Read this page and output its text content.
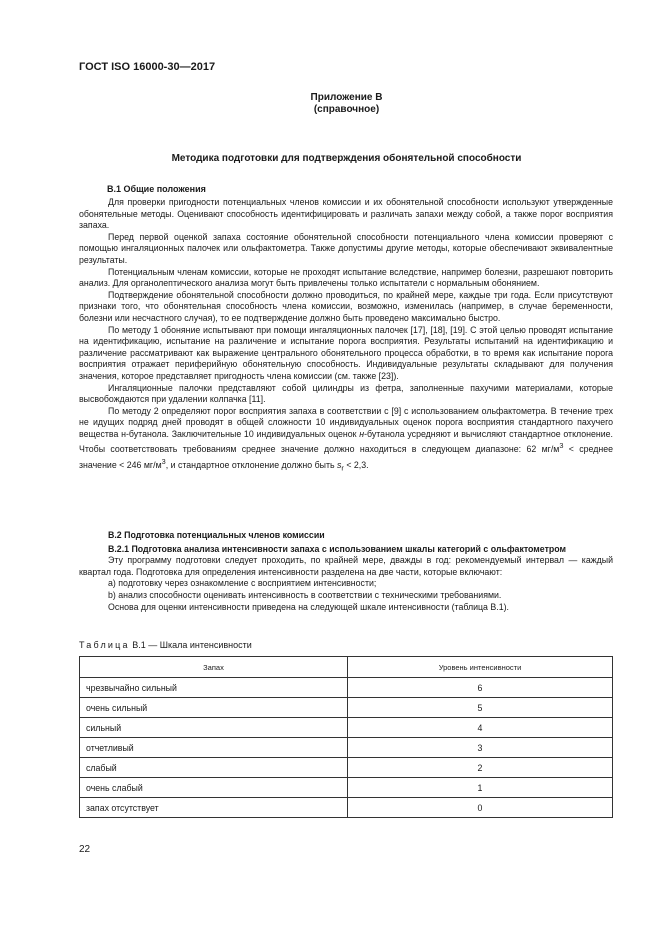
ГОСТ ISO 16000-30—2017
Приложение В
(справочное)
Методика подготовки для подтверждения обонятельной способности
В.1 Общие положения

Для проверки пригодности потенциальных членов комиссии и их обонятельной способности используют утвержденные обонятельные методы. Оценивают способность идентифицировать и различать запахи между собой, а также порог восприятия запаха.

Перед первой оценкой запаха состояние обонятельной способности потенциального члена комиссии проверяют с помощью ингаляционных палочек или ольфактометра. Также допустимы другие методы, которые обеспечивают эквивалентные результаты.

Потенциальным членам комиссии, которые не проходят испытание вследствие, например болезни, разрешают повторить анализ. Для органолептического анализа могут быть привлечены только испытатели с нормальным обонянием.

Подтверждение обонятельной способности должно проводиться, по крайней мере, каждые три года. Если присутствуют признаки того, что обонятельная способность члена комиссии, возможно, изменилась (например, в случае беременности, болезни или несчастного случая), то ее подтверждение должно быть проведено максимально быстро.

По методу 1 обоняние испытывают при помощи ингаляционных палочек [17], [18], [19]. С этой целью проводят испытание на идентификацию, испытание на различение и испытание порога восприятия. Результаты испытаний на идентификацию и различение рассматривают как выражение центрального обонятельного процесса обработки, в то время как испытание порога восприятия отражает периферийную обонятельную способность. Индивидуальные результаты складывают для получения значения, которое представляет пригодность члена комиссии (см. также [23]).

Ингаляционные палочки представляют собой цилиндры из фетра, заполненные пахучими материалами, которые высвобождаются при удалении колпачка [11].

По методу 2 определяют порог восприятия запаха в соответствии с [9] с использованием ольфактометра. В течение трех не идущих подряд дней проводят в общей сложности 10 индивидуальных оценок порога восприятия стандартного пахучего вещества н-бутанола. Заключительные 10 индивидуальных оценок н-бутанола усредняют и вычисляют стандартное отклонение. Чтобы соответствовать требованиям среднее значение должно находиться в следующем диапазоне: 62 $мг/м^3$ < среднее значение < 246 $мг/м^3$, и стандартное отклонение должно быть $s_r < 2,3$.

В.2 Подготовка потенциальных членов комиссии

В.2.1 Подготовка анализа интенсивности запаха с использованием шкалы категорий с ольфактометром

Эту программу подготовки следует проходить, по крайней мере, дважды в год: рекомендуемый интервал — каждый квартал года. Подготовка для определения интенсивности разделена на две части, которые включают:

a) подготовку через ознакомление с восприятием интенсивности;

b) анализ способности оценивать интенсивность в соответствии с техническими требованиями.

Основа для оценки интенсивности приведена на следующей шкале интенсивности (таблица В.1).

Таблица В.1 — Шкала интенсивности
Запах	Уровень интенсивности
чрезвычайно сильный	6
очень сильный	5
сильный	4
отчетливый	3
слабый	2
очень слабый	1
запах отсутствует	0
22
